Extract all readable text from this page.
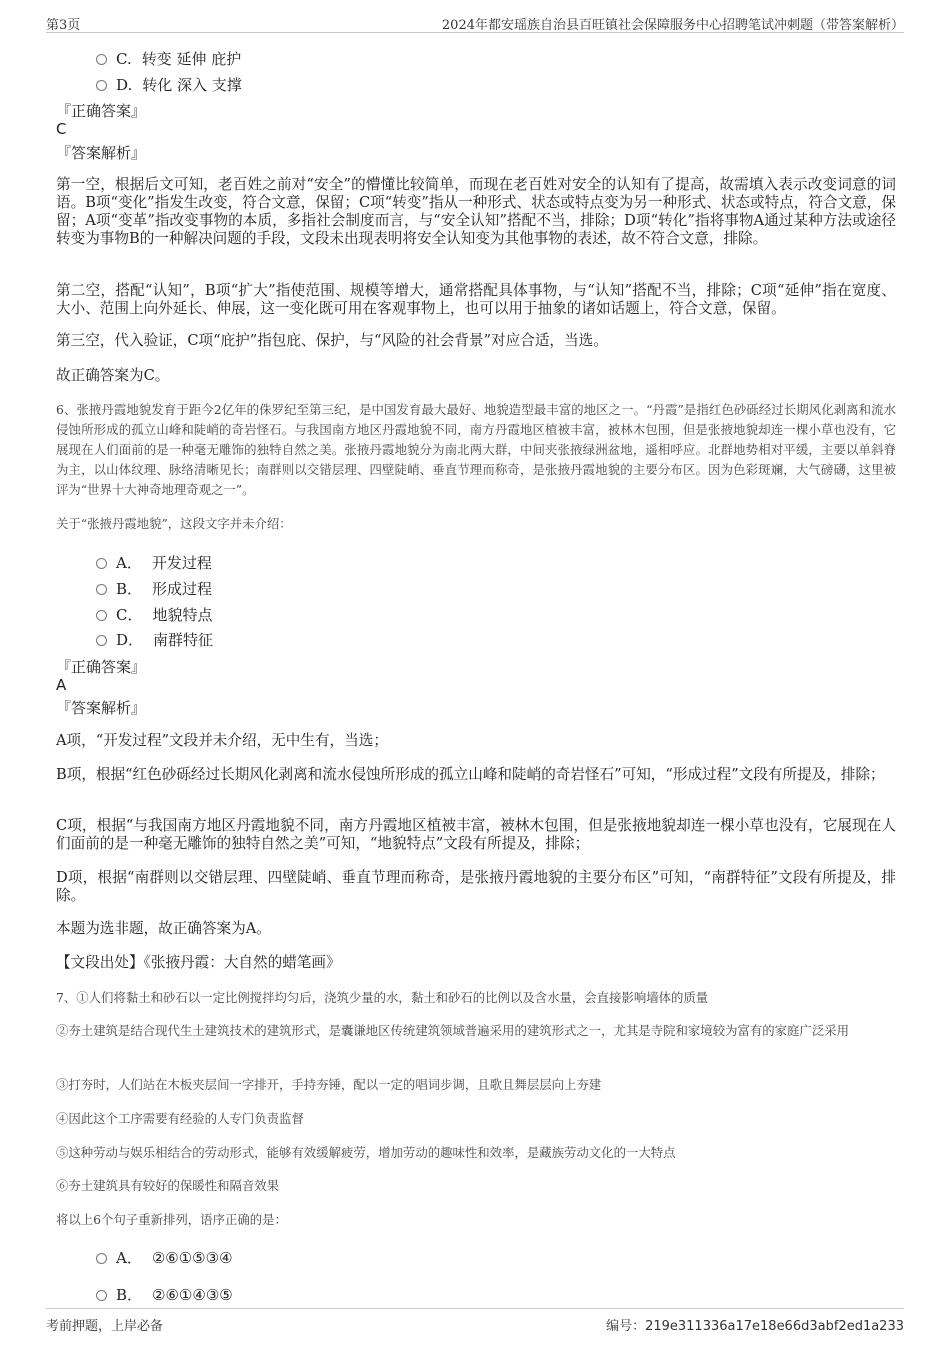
第3页	2024年都安瑶族自治县百旺镇社会保障服务中心招聘笔试冲刺题（带答案解析）
C. 转变 延伸 庇护
D. 转化 深入 支撑
『正确答案』
C
『答案解析』
第一空，根据后文可知，老百姓之前对“安全”的懵懂比较简单，而现在老百姓对安全的认知有了提高，故需填入表示改变词意的词语。B项“变化”指发生改变，符合文意，保留；C项“转变”指从一种形式、状态或特点变为另一种形式、状态或特点，符合文意，保留；A项“变革”指改变事物的本质，多指社会制度而言，与“安全认知”搭配不当，排除；D项“转化”指将事物A通过某种方法或途径转变为事物B的一种解决问题的手段，文段未出现表明将安全认知变为其他事物的表述，故不符合文意，排除。
第二空，搭配“认知”，B项“扩大”指使范围、规模等增大，通常搭配具体事物，与“认知”搭配不当，排除；C项“延伸”指在宽度、大小、范围上向外延长、伸展，这一变化既可用在客观事物上，也可以用于抽象的诸如话题上，符合文意，保留。
第三空，代入验证，C项“庇护”指包庇、保护，与“风险的社会背景”对应合适，当选。
故正确答案为C。
6、张掖丹霞地貌发育于距今2亿年的侏罗纪至第三纪，是中国发育最大最好、地貌造型最丰富的地区之一。“丹霞”是指红色砂砾经过长期风化剥离和流水侵蚀所形成的孤立山峰和陡峭的奇岩怪石。与我国南方地区丹霞地貌不同，南方丹霞地区植被丰富，被林木包围，但是张掖地貌却连一棵小草也没有，它展现在人们面前的是一种毫无雕饰的独特自然之美。张掖丹霞地貌分为南北两大群，中间夹张掖绿洲盆地，遥相呼应。北群地势相对平缓，主要以单斜脊为主，以山体纹理、脉络清晰见长；南群则以交错层理、四壁陡峭、垂直节理而称奇，是张掖丹霞地貌的主要分布区。因为色彩斑斓，大气磅礴，这里被评为“世界十大神奇地理奇观之一”。
关于“张掖丹霞地貌”，这段文字并未介绍：
A． 开发过程
B． 形成过程
C． 地貌特点
D． 南群特征
『正确答案』
A
『答案解析』
A项，“开发过程”文段并未介绍，无中生有，当选；
B项，根据“红色砂砾经过长期风化剥离和流水侵蚀所形成的孤立山峰和陡峭的奇岩怪石”可知，“形成过程”文段有所提及，排除；
C项，根据“与我国南方地区丹霞地貌不同，南方丹霞地区植被丰富，被林木包围，但是张掖地貌却连一棵小草也没有，它展现在人们面前的是一种毫无雕饰的独特自然之美”可知，“地貌特点”文段有所提及，排除；
D项，根据“南群则以交错层理、四壁陡峭、垂直节理而称奇，是张掖丹霞地貌的主要分布区”可知，“南群特征”文段有所提及，排除。
本题为选非题，故正确答案为A。
【文段出处】《张掖丹霞：大自然的蜡笔画》
7、①人们将黏土和砂石以一定比例搅拌均匀后，浇筑少量的水，黏土和砂石的比例以及含水量，会直接影响墙体的质量
②夯土建筑是结合现代生土建筑技术的建筑形式，是囊谦地区传统建筑领域普遍采用的建筑形式之一，尤其是寺院和家境较为富有的家庭广泛采用
③打夯时，人们站在木板夹层间一字排开，手持夯锤，配以一定的唱词步调，且歌且舞层层向上夯建
④因此这个工序需要有经验的人专门负责监督
⑤这种劳动与娱乐相结合的劳动形式，能够有效缓解疲劳，增加劳动的趣味性和效率，是藏族劳动文化的一大特点
⑥夯土建筑具有较好的保暖性和隔音效果
将以上6个句子重新排列，语序正确的是：
A． ②⑥①⑤③④
B． ②⑥①④③⑤
考前押题，上岸必备	编号：219e311336a17e18e66d3abf2ed1a233
